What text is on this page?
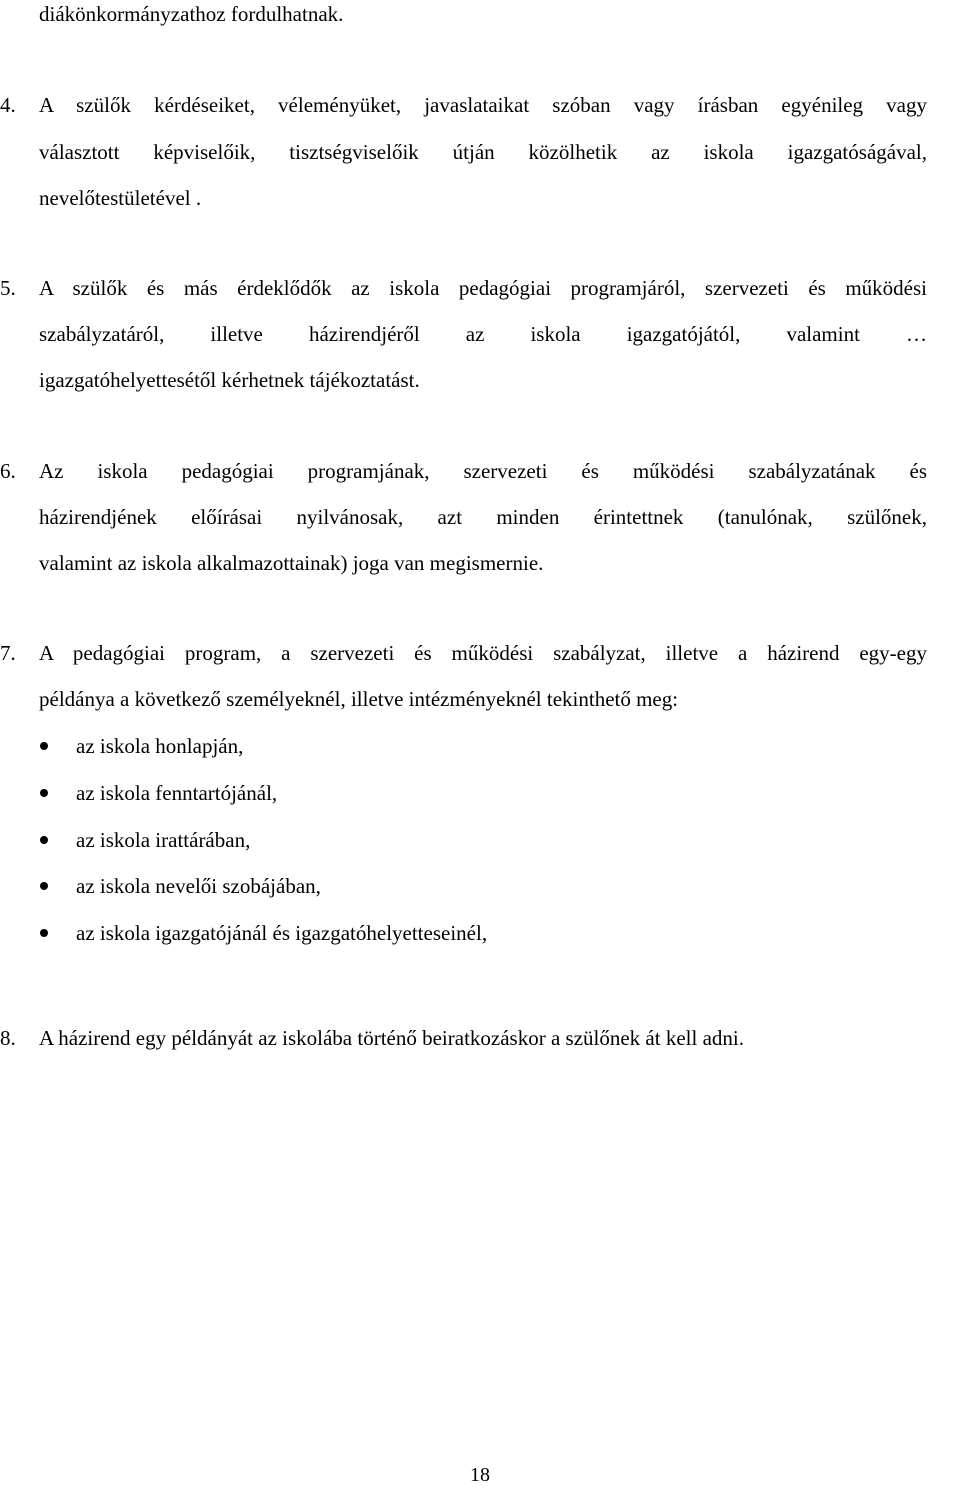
diákönkormányzathoz fordulhatnak.
4.	A szülők kérdéseiket, véleményüket, javaslataikat szóban vagy írásban egyénileg vagy
választott képviselőik, tisztségviselőik útján közölhetik az iskola igazgatóságával,
nevelőtestületével .
5.	A szülők és más érdeklődők az iskola pedagógiai programjáról, szervezeti és működési
szabályzatáról, illetve házirendjéről az iskola igazgatójától, valamint …
igazgatóhelyettesétől kérhetnek tájékoztatást.
6.	Az iskola pedagógiai programjának, szervezeti és működési szabályzatának és
házirendjének előírásai nyilvánosak, azt minden érintettnek (tanulónak, szülőnek,
valamint az iskola alkalmazottainak) joga van megismernie.
7.	A pedagógiai program, a szervezeti és működési szabályzat, illetve a házirend egy-egy
példánya a következő személyeknél, illetve intézményeknél tekinthető meg:
az iskola honlapján,
az iskola fenntartójánál,
az iskola irattárában,
az iskola nevelői szobájában,
az iskola igazgatójánál és igazgatóhelyetteseinél,
8.	A házirend egy példányát az iskolába történő beiratkozáskor a szülőnek át kell adni.
18
